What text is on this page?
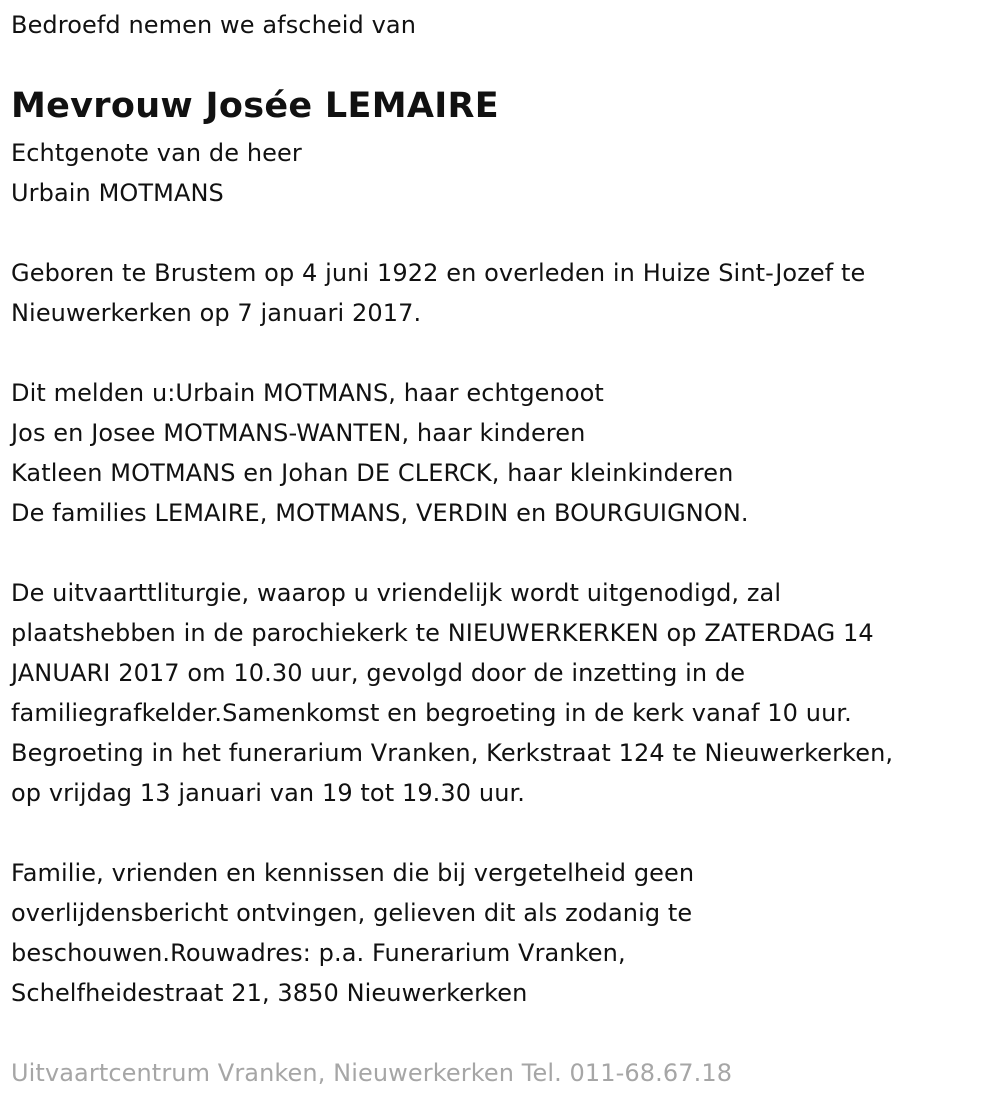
Bedroefd nemen we afscheid van
Mevrouw Josée LEMAIRE
Echtgenote van de heer
Urbain MOTMANS
Geboren te Brustem op 4 juni 1922 en overleden in Huize Sint-Jozef te
Nieuwerkerken op 7 januari 2017.
Dit melden u:Urbain MOTMANS, haar echtgenoot
Jos en Josee MOTMANS-WANTEN, haar kinderen
Katleen MOTMANS en Johan DE CLERCK, haar kleinkinderen
De families LEMAIRE, MOTMANS, VERDIN en BOURGUIGNON.
De uitvaarttliturgie, waarop u vriendelijk wordt uitgenodigd, zal
plaatshebben in de parochiekerk te NIEUWERKERKEN op ZATERDAG 14
JANUARI 2017 om 10.30 uur, gevolgd door de inzetting in de
familiegrafkelder.Samenkomst en begroeting in de kerk vanaf 10 uur.
Begroeting in het funerarium Vranken, Kerkstraat 124 te Nieuwerkerken,
op vrijdag 13 januari van 19 tot 19.30 uur.
Familie, vrienden en kennissen die bij vergetelheid geen
overlijdensbericht ontvingen, gelieven dit als zodanig te
beschouwen.Rouwadres: p.a. Funerarium Vranken,
Schelfheidestraat 21, 3850 Nieuwerkerken
Uitvaartcentrum Vranken, Nieuwerkerken Tel. 011-68.67.18
